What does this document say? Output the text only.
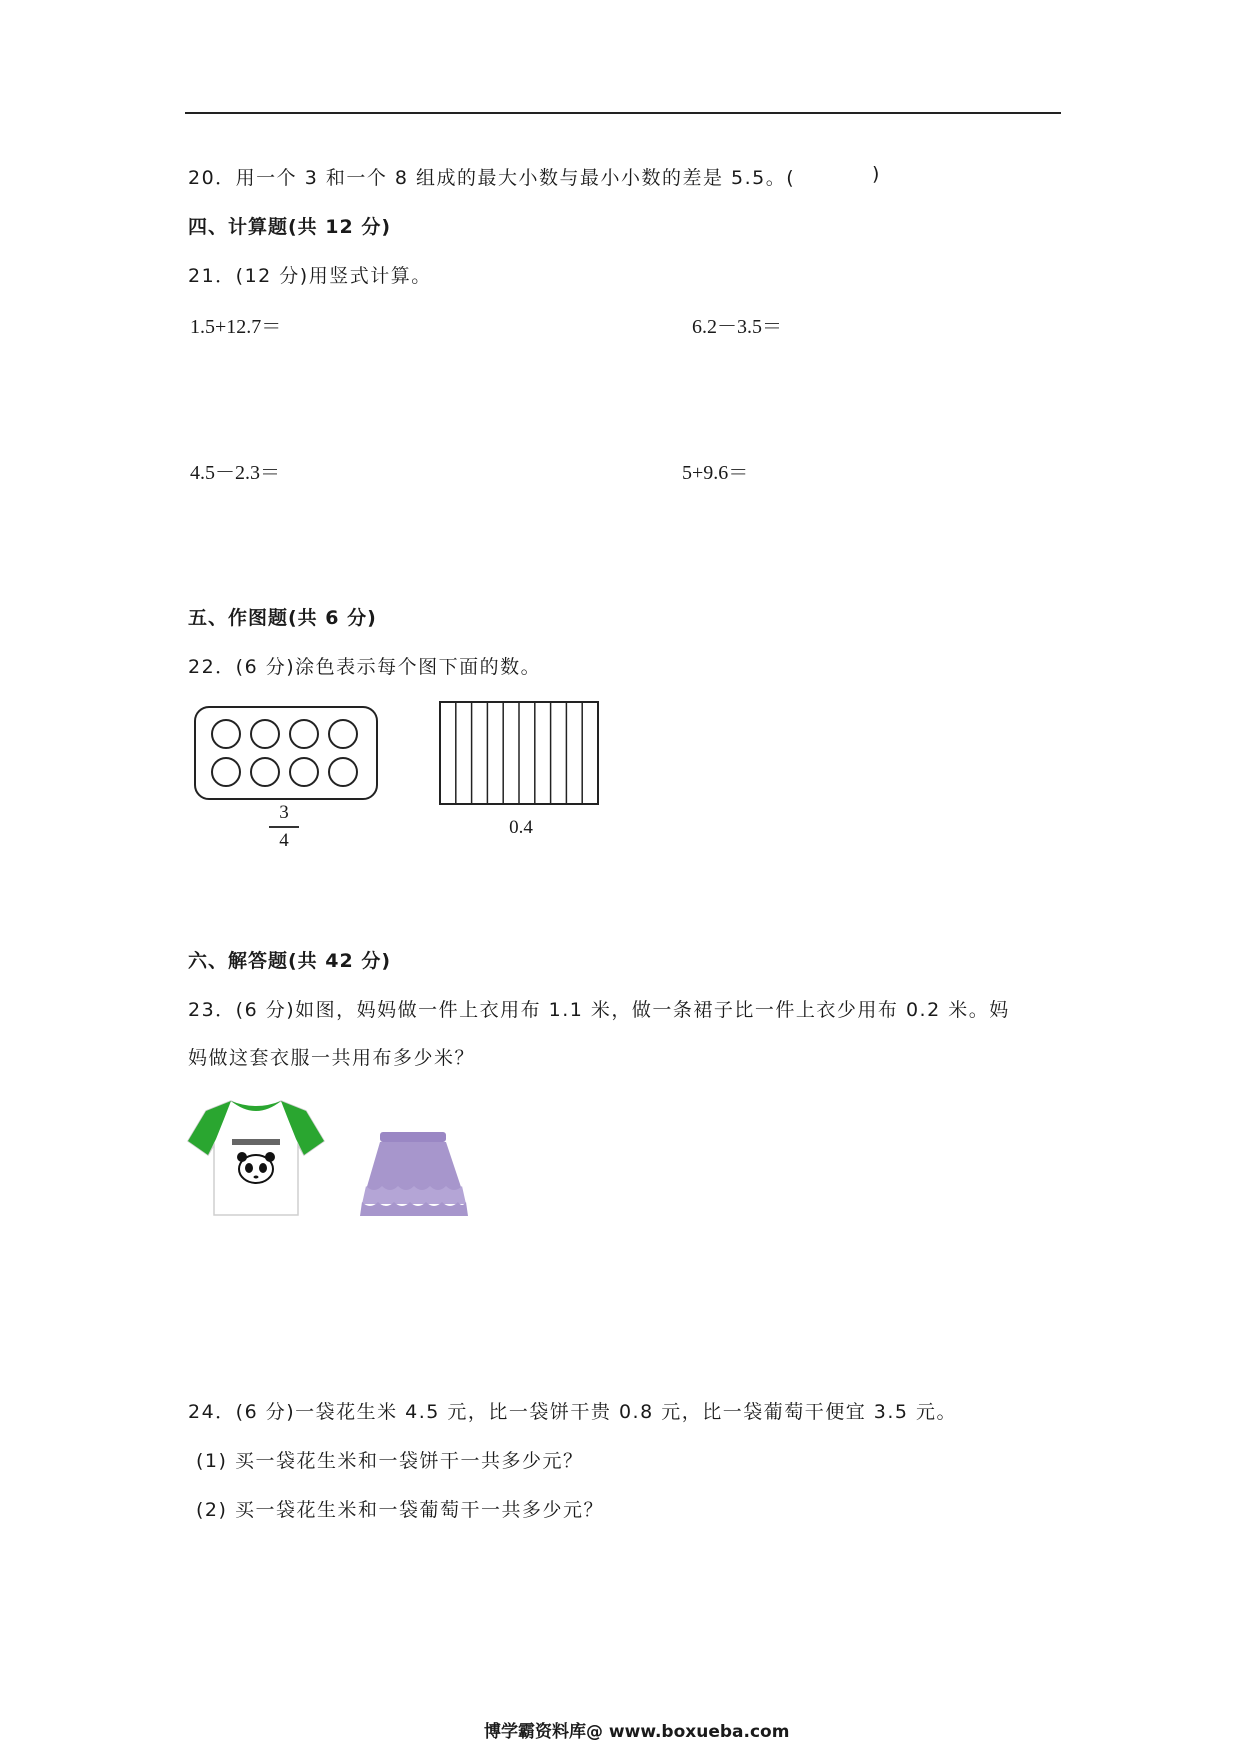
20．用一个 3 和一个 8 组成的最大小数与最小小数的差是 5.5。(	)
四、计算题(共 12 分)
21．(12 分)用竖式计算。
1.5+12.7＝	6.2－3.5＝
4.5－2.3＝	5+9.6＝
五、作图题(共 6 分)
22．(6 分)涂色表示每个图下面的数。
3
4
0.4
六、解答题(共 42 分)
23．(6 分)如图，妈妈做一件上衣用布 1.1 米，做一条裙子比一件上衣少用布 0.2 米。妈
妈做这套衣服一共用布多少米？
24．(6 分)一袋花生米 4.5 元，比一袋饼干贵 0.8 元，比一袋葡萄干便宜 3.5 元。
(1) 买一袋花生米和一袋饼干一共多少元？
(2) 买一袋花生米和一袋葡萄干一共多少元？
博学霸资料库@ www.boxueba.com
